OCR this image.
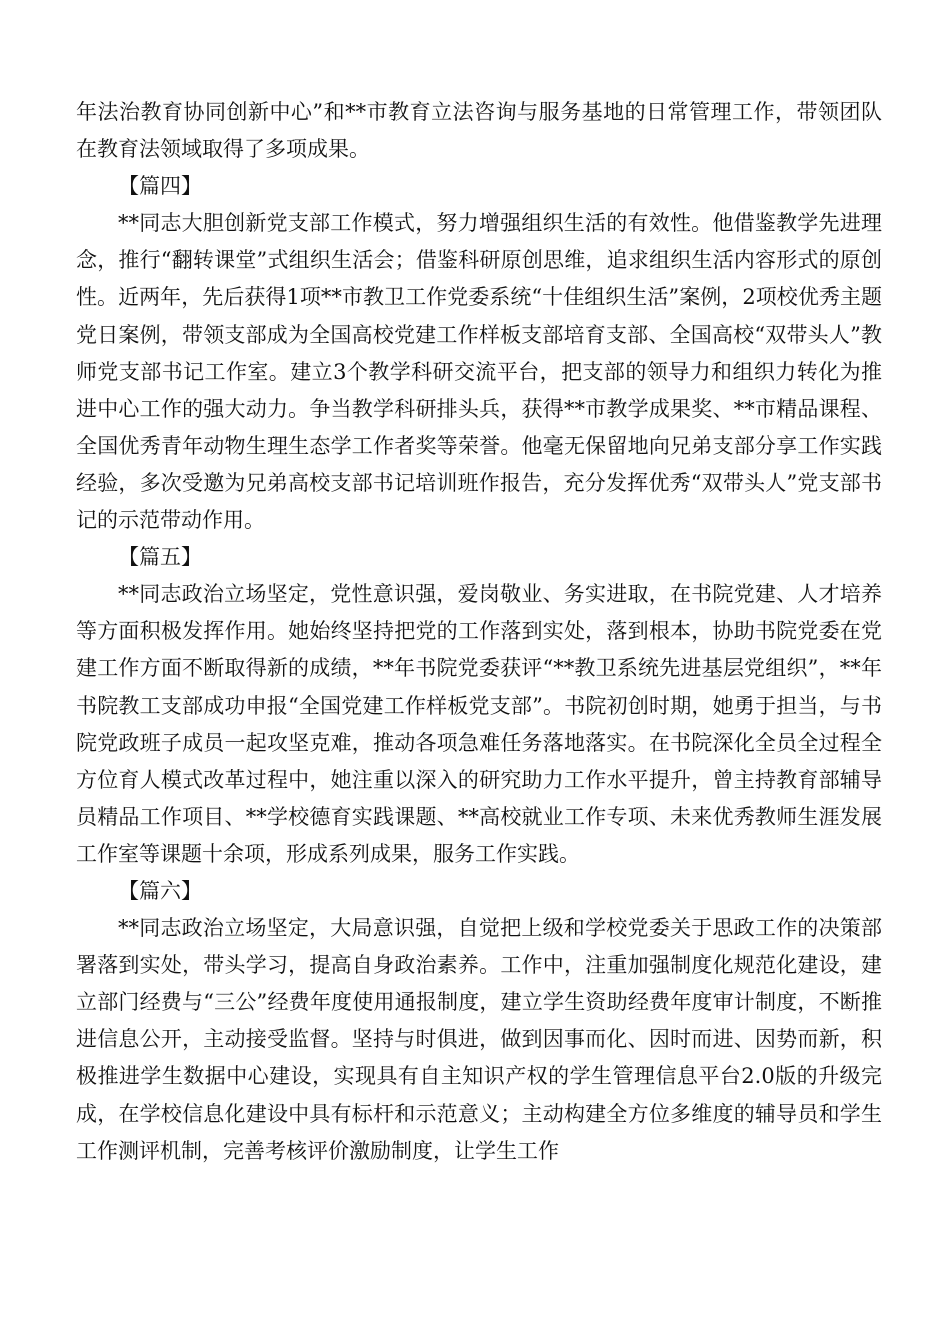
年法治教育协同创新中心”和**市教育立法咨询与服务基地的日常管理工作，带领团队在教育法领域取得了多项成果。

【篇四】

**同志大胆创新党支部工作模式，努力增强组织生活的有效性。他借鉴教学先进理念，推行“翻转课堂”式组织生活会；借鉴科研原创思维，追求组织生活内容形式的原创性。近两年，先后获得1项**市教卫工作党委系统“十佳组织生活”案例，2项校优秀主题党日案例，带领支部成为全国高校党建工作样板支部培育支部、全国高校“双带头人”教师党支部书记工作室。建立3个教学科研交流平台，把支部的领导力和组织力转化为推进中心工作的强大动力。争当教学科研排头兵，获得**市教学成果奖、**市精品课程、全国优秀青年动物生理生态学工作者奖等荣誉。他毫无保留地向兄弟支部分享工作实践经验，多次受邀为兄弟高校支部书记培训班作报告，充分发挥优秀“双带头人”党支部书记的示范带动作用。

【篇五】

**同志政治立场坚定，党性意识强，爱岗敬业、务实进取，在书院党建、人才培养等方面积极发挥作用。她始终坚持把党的工作落到实处，落到根本，协助书院党委在党建工作方面不断取得新的成绩，**年书院党委获评“**教卫系统先进基层党组织”，**年书院教工支部成功申报“全国党建工作样板党支部”。书院初创时期，她勇于担当，与书院党政班子成员一起攻坚克难，推动各项急难任务落地落实。在书院深化全员全过程全方位育人模式改革过程中，她注重以深入的研究助力工作水平提升，曾主持教育部辅导员精品工作项目、**学校德育实践课题、**高校就业工作专项、未来优秀教师生涯发展工作室等课题十余项，形成系列成果，服务工作实践。

【篇六】

**同志政治立场坚定，大局意识强，自觉把上级和学校党委关于思政工作的决策部署落到实处，带头学习，提高自身政治素养。工作中，注重加强制度化规范化建设，建立部门经费与“三公”经费年度使用通报制度，建立学生资助经费年度审计制度，不断推进信息公开，主动接受监督。坚持与时俱进，做到因事而化、因时而进、因势而新，积极推进学生数据中心建设，实现具有自主知识产权的学生管理信息平台2.0版的升级完成，在学校信息化建设中具有标杆和示范意义；主动构建全方位多维度的辅导员和学生工作测评机制，完善考核评价激励制度，让学生工作
